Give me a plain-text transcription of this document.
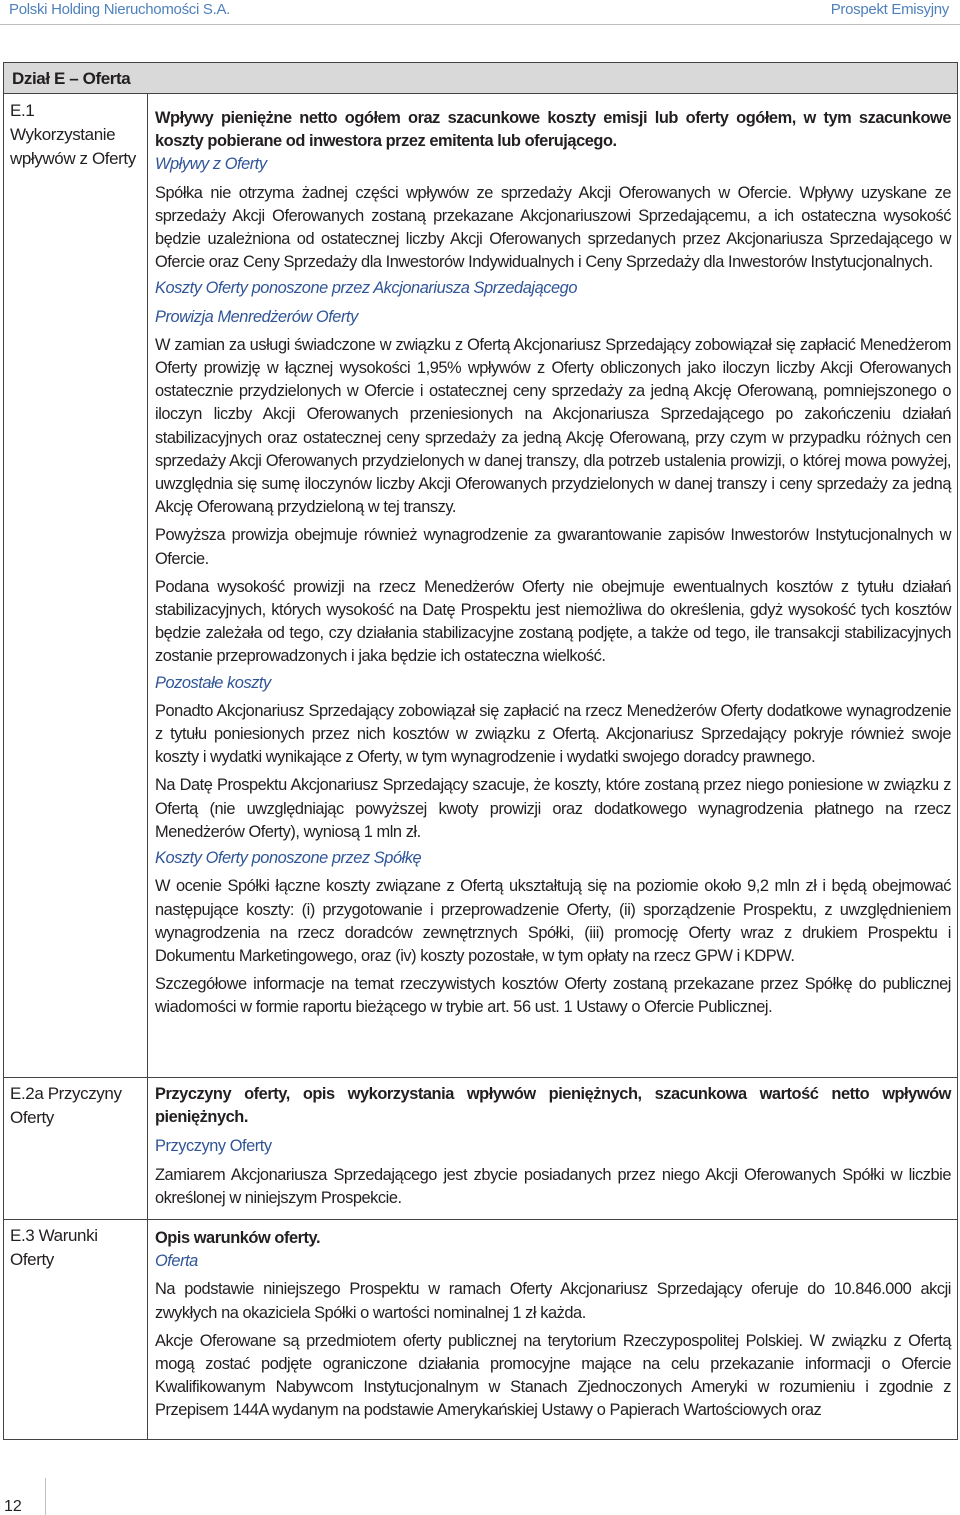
Polski Holding Nieruchomości S.A.	Prospekt Emisyjny
Dział E – Oferta
E.1
Wykorzystanie wpływów z Oferty

Wpływy pieniężne netto ogółem oraz szacunkowe koszty emisji lub oferty ogółem, w tym szacunkowe koszty pobierane od inwestora przez emitenta lub oferującego.

Wpływy z Oferty

Spółka nie otrzyma żadnej części wpływów ze sprzedaży Akcji Oferowanych w Ofercie. Wpływy uzyskane ze sprzedaży Akcji Oferowanych zostaną przekazane Akcjonariuszowi Sprzedającemu, a ich ostateczna wysokość będzie uzależniona od ostatecznej liczby Akcji Oferowanych sprzedanych przez Akcjonariusza Sprzedającego w Ofercie oraz Ceny Sprzedaży dla Inwestorów Indywidualnych i Ceny Sprzedaży dla Inwestorów Instytucjonalnych.

Koszty Oferty ponoszone przez Akcjonariusza Sprzedającego

Prowizja Menredżerów Oferty

W zamian za usługi świadczone w związku z Ofertą Akcjonariusz Sprzedający zobowiązał się zapłacić Menedżerom Oferty prowizję w łącznej wysokości 1,95% wpływów z Oferty obliczonych jako iloczyn liczby Akcji Oferowanych ostatecznie przydzielonych w Ofercie i ostatecznej ceny sprzedaży za jedną Akcję Oferowaną, pomniejszonego o iloczyn liczby Akcji Oferowanych przeniesionych na Akcjonariusza Sprzedającego po zakończeniu działań stabilizacyjnych oraz ostatecznej ceny sprzedaży za jedną Akcję Oferowaną, przy czym w przypadku różnych cen sprzedaży Akcji Oferowanych przydzielonych w danej transzy, dla potrzeb ustalenia prowizji, o której mowa powyżej, uwzględnia się sumę iloczynów liczby Akcji Oferowanych przydzielonych w danej transzy i ceny sprzedaży za jedną Akcję Oferowaną przydzieloną w tej transzy.

Powyższa prowizja obejmuje również wynagrodzenie za gwarantowanie zapisów Inwestorów Instytucjonalnych w Ofercie.

Podana wysokość prowizji na rzecz Menedżerów Oferty nie obejmuje ewentualnych kosztów z tytułu działań stabilizacyjnych, których wysokość na Datę Prospektu jest niemożliwa do określenia, gdyż wysokość tych kosztów będzie zależała od tego, czy działania stabilizacyjne zostaną podjęte, a także od tego, ile transakcji stabilizacyjnych zostanie przeprowadzonych i jaka będzie ich ostateczna wielkość.

Pozostałe koszty

Ponadto Akcjonariusz Sprzedający zobowiązał się zapłacić na rzecz Menedżerów Oferty dodatkowe wynagrodzenie z tytułu poniesionych przez nich kosztów w związku z Ofertą. Akcjonariusz Sprzedający pokryje również swoje koszty i wydatki wynikające z Oferty, w tym wynagrodzenie i wydatki swojego doradcy prawnego.

Na Datę Prospektu Akcjonariusz Sprzedający szacuje, że koszty, które zostaną przez niego poniesione w związku z Ofertą (nie uwzględniając powyższej kwoty prowizji oraz dodatkowego wynagrodzenia płatnego na rzecz Menedżerów Oferty), wyniosą 1 mln zł.

Koszty Oferty ponoszone przez Spółkę

W ocenie Spółki łączne koszty związane z Ofertą ukształtują się na poziomie około 9,2 mln zł i będą obejmować następujące koszty: (i) przygotowanie i przeprowadzenie Oferty, (ii) sporządzenie Prospektu, z uwzględnieniem wynagrodzenia na rzecz doradców zewnętrznych Spółki, (iii) promocję Oferty wraz z drukiem Prospektu i Dokumentu Marketingowego, oraz (iv) koszty pozostałe, w tym opłaty na rzecz GPW i KDPW.

Szczegółowe informacje na temat rzeczywistych kosztów Oferty zostaną przekazane przez Spółkę do publicznej wiadomości w formie raportu bieżącego w trybie art. 56 ust. 1 Ustawy o Ofercie Publicznej.

E.2a Przyczyny Oferty

Przyczyny oferty, opis wykorzystania wpływów pieniężnych, szacunkowa wartość netto wpływów pieniężnych.

Przyczyny Oferty

Zamiarem Akcjonariusza Sprzedającego jest zbycie posiadanych przez niego Akcji Oferowanych Spółki w liczbie określonej w niniejszym Prospekcie.

E.3 Warunki Oferty

Opis warunków oferty.

Oferta

Na podstawie niniejszego Prospektu w ramach Oferty Akcjonariusz Sprzedający oferuje do 10.846.000 akcji zwykłych na okaziciela Spółki o wartości nominalnej 1 zł każda.

Akcje Oferowane są przedmiotem oferty publicznej na terytorium Rzeczypospolitej Polskiej. W związku z Ofertą mogą zostać podjęte ograniczone działania promocyjne mające na celu przekazanie informacji o Ofercie Kwalifikowanym Nabywcom Instytucjonalnym w Stanach Zjednoczonych Ameryki w rozumieniu i zgodnie z Przepisem 144A wydanym na podstawie Amerykańskiej Ustawy o Papierach Wartościowych oraz

12
